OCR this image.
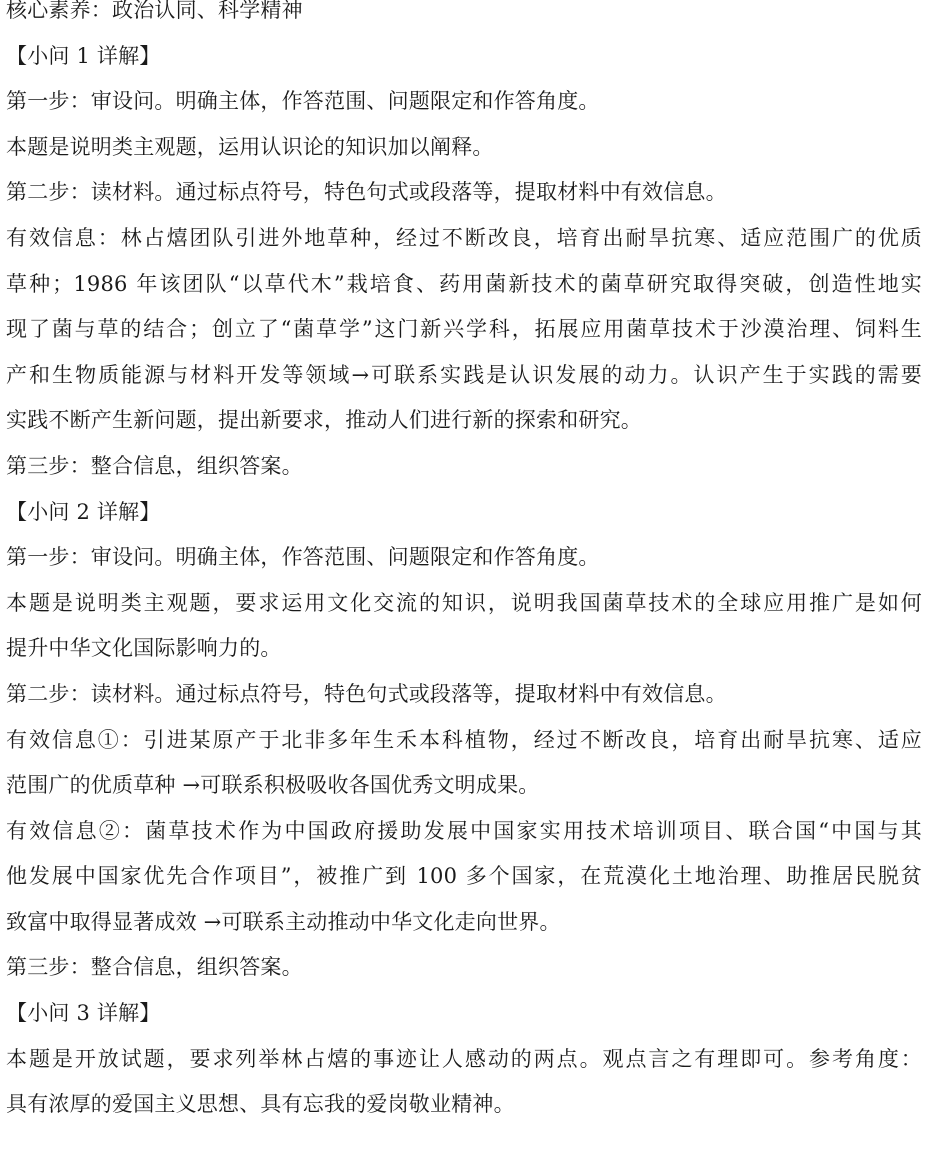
核心素养：政治认同、科学精神
【小问 1 详解】
第一步：审设问。明确主体，作答范围、问题限定和作答角度。
本题是说明类主观题，运用认识论的知识加以阐释。
第二步：读材料。通过标点符号，特色句式或段落等，提取材料中有效信息。
有效信息：林占熺团队引进外地草种，经过不断改良，培育出耐旱抗寒、适应范围广的优质
草种；1986 年该团队“以草代木”栽培食、药用菌新技术的菌草研究取得突破，创造性地实
现了菌与草的结合；创立了“菌草学”这门新兴学科，拓展应用菌草技术于沙漠治理、饲料生
产和生物质能源与材料开发等领域→可联系实践是认识发展的动力。认识产生于实践的需要
实践不断产生新问题，提出新要求，推动人们进行新的探索和研究。
第三步：整合信息，组织答案。
【小问 2 详解】
第一步：审设问。明确主体，作答范围、问题限定和作答角度。
本题是说明类主观题，要求运用文化交流的知识，说明我国菌草技术的全球应用推广是如何
提升中华文化国际影响力的。
第二步：读材料。通过标点符号，特色句式或段落等，提取材料中有效信息。
有效信息①：引进某原产于北非多年生禾本科植物，经过不断改良，培育出耐旱抗寒、适应
范围广的优质草种 →可联系积极吸收各国优秀文明成果。
有效信息②：菌草技术作为中国政府援助发展中国家实用技术培训项目、联合国“中国与其
他发展中国家优先合作项目”，被推广到 100 多个国家，在荒漠化土地治理、助推居民脱贫
致富中取得显著成效 →可联系主动推动中华文化走向世界。
第三步：整合信息，组织答案。
【小问 3 详解】
本题是开放试题，要求列举林占熺的事迹让人感动的两点。观点言之有理即可。参考角度：
具有浓厚的爱国主义思想、具有忘我的爱岗敬业精神。
